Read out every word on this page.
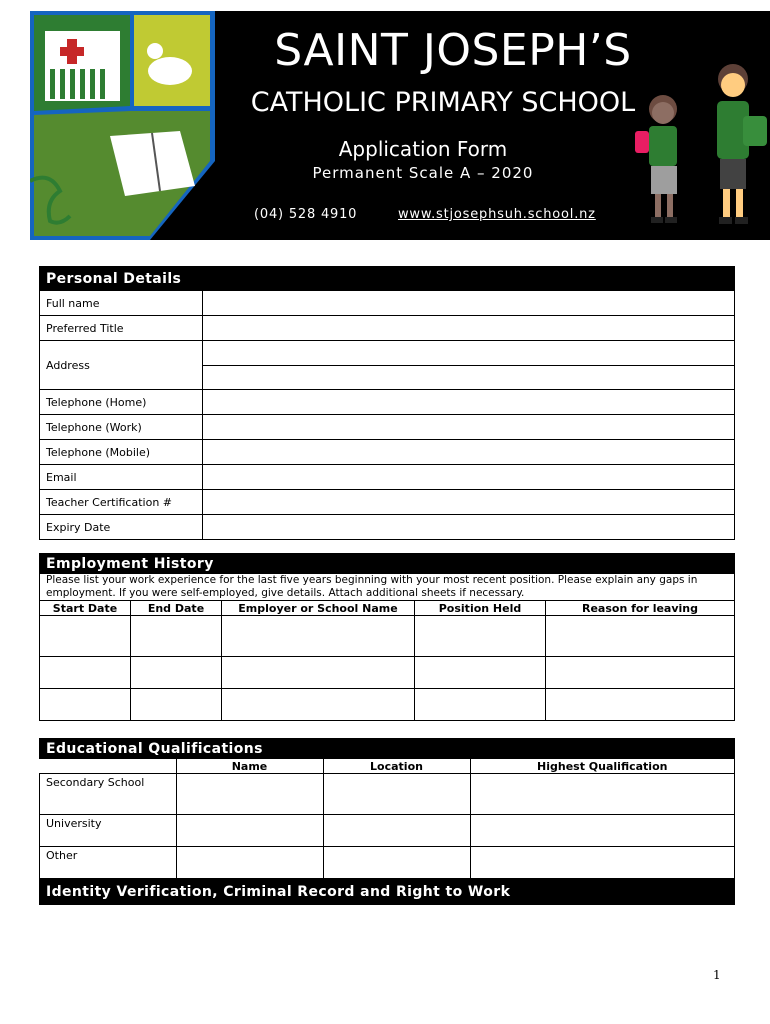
SAINT JOSEPH’S
CATHOLIC PRIMARY SCHOOL
Application Form
Permanent Scale A – 2020
(04) 528 4910	www.stjosephsuh.school.nz
Personal Details	
Full name	
Preferred Title	
Address	

Telephone (Home)	
Telephone (Work)	
Telephone (Mobile)	
Email	
Teacher Certification #	
Expiry Date	
Employment History				
Please list your work experience for the last five years beginning with your most recent position. Please explain any gaps in employment. If you were self-employed, give details. Attach additional sheets if necessary.				
Start Date	End Date	Employer or School Name	Position Held	Reason for leaving

Educational Qualifications			
	Name	Location	Highest Qualification
Secondary School			
University			
Other			
Identity Verification, Criminal Record and Right to Work			
1
